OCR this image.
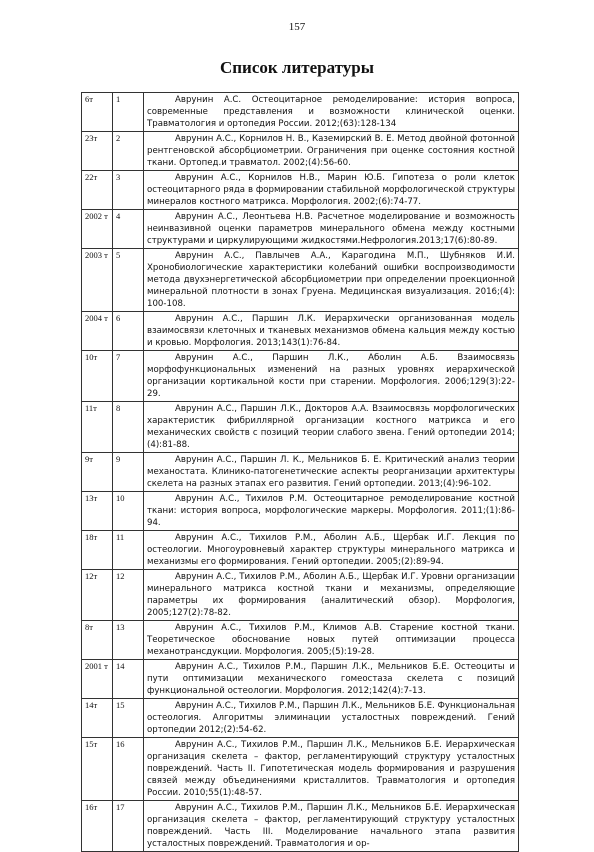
157
Список литературы
6т	1	Аврунин А.С. Остеоцитарное ремоделирование: история вопроса, современные представления и возможности клинической оценки. Травматология и ортопедия России. 2012;(63):128-134
23т	2	Аврунин А.С., Корнилов Н. В., Каземирский В. Е. Метод двойной фотонной рентгеновской абсорбциометрии. Ограничения при оценке состояния костной ткани. Ортопед.и травматол. 2002;(4):56-60.
22т	3	Аврунин А.С., Корнилов Н.В., Марин Ю.Б. Гипотеза о роли клеток остеоцитарного ряда в формировании стабильной морфологической структуры минералов костного матрикса. Морфология. 2002;(6):74-77.
2002 т	4	Аврунин А.С., Леонтьева Н.В. Расчетное моделирование и возможность неинвазивной оценки параметров минерального обмена между костными структурами и циркулирующими жидкостями.Нефрология.2013;17(6):80-89.
2003 т	5	Аврунин А.С., Павлычев А.А., Карагодина М.П., Шубняков И.И. Хронобиологические характеристики колебаний ошибки воспроизводимости метода двухэнергетической абсорбциометрии при определении проекционной минеральной плотности в зонах Груена. Медицинская визуализация. 2016;(4): 100-108.
2004 т	6	Аврунин А.С., Паршин Л.К. Иерархически организованная модель взаимосвязи клеточных и тканевых механизмов обмена кальция между костью и кровью. Морфология. 2013;143(1):76-84.
10т	7	Аврунин А.С., Паршин Л.К., Аболин А.Б. Взаимосвязь морфофункциональных изменений на разных уровнях иерархической организации кортикальной кости при старении. Морфология. 2006;129(3):22-29.
11т	8	Аврунин А.С., Паршин Л.К., Докторов А.А. Взаимосвязь морфологических характеристик фибриллярной организации костного матрикса и его механических свойств с позиций теории слабого звена. Гений ортопедии 2014;(4):81-88.
9т	9	Аврунин А.С., Паршин Л. К., Мельников Б. Е. Критический анализ теории механостата. Клинико-патогенетические аспекты реорганизации архитектуры скелета на разных этапах его развития. Гений ортопедии. 2013;(4):96-102.
13т	10	Аврунин А.С., Тихилов Р.М. Остеоцитарное ремоделирование костной ткани: история вопроса, морфологические маркеры. Морфология. 2011;(1):86-94.
18т	11	Аврунин А.С., Тихилов Р.М., Аболин А.Б., Щербак И.Г. Лекция по остеологии. Многоуровневый характер структуры минерального матрикса и механизмы его формирования. Гений ортопедии. 2005;(2):89-94.
12т	12	Аврунин А.С., Тихилов Р.М., Аболин А.Б., Щербак И.Г. Уровни организации минерального матрикса костной ткани и механизмы, определяющие параметры их формирования (аналитический обзор). Морфология, 2005;127(2):78-82.
8т	13	Аврунин А.С., Тихилов Р.М., Климов А.В. Старение костной ткани. Теоретическое обоснование новых путей оптимизации процесса механотрансдукции. Морфология. 2005;(5):19-28.
2001 т	14	Аврунин А.С., Тихилов Р.М., Паршин Л.К., Мельников Б.Е. Остеоциты и пути оптимизации механического гомеостаза скелета с позиций функциональной остеологии. Морфология. 2012;142(4):7-13.
14т	15	Аврунин А.С., Тихилов Р.М., Паршин Л.К., Мельников Б.Е. Функциональная остеология. Алгоритмы элиминации усталостных повреждений. Гений ортопедии 2012;(2):54-62.
15т	16	Аврунин А.С., Тихилов Р.М., Паршин Л.К., Мельников Б.Е. Иерархическая организация скелета – фактор, регламентирующий структуру усталостных повреждений. Часть II. Гипотетическая модель формирования и разрушения связей между объединениями кристаллитов. Травматология и ортопедия России. 2010;55(1):48-57.
16т	17	Аврунин А.С., Тихилов Р.М., Паршин Л.К., Мельников Б.Е. Иерархическая организация скелета – фактор, регламентирующий структуру усталостных повреждений. Часть III. Моделирование начального этапа развития усталостных повреждений. Травматология и ор-
